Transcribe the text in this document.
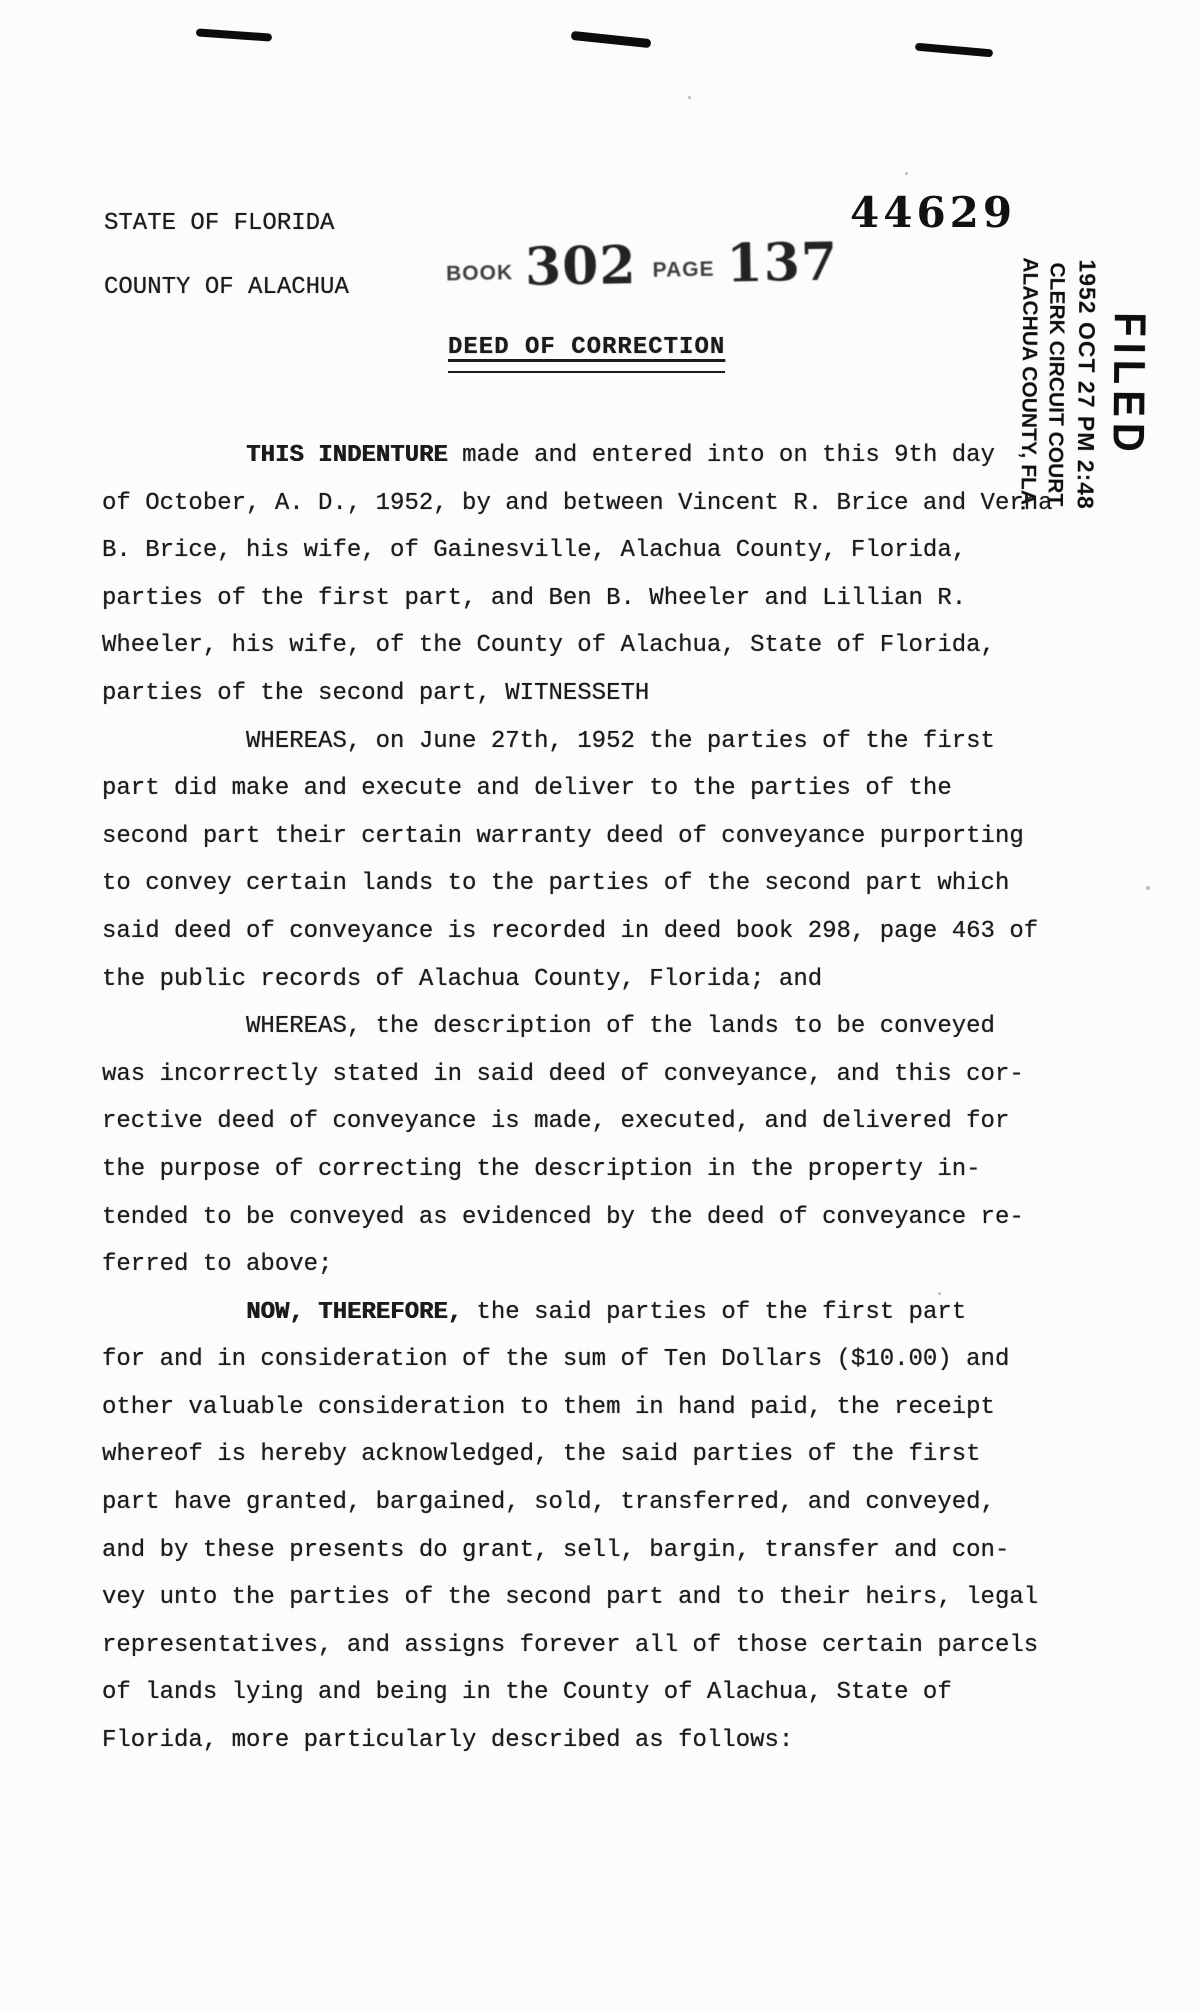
44629
STATE OF FLORIDA
COUNTY OF ALACHUA
BOOK 302 PAGE 137
DEED OF CORRECTION	FILED
1952 OCT 27 PM 2:48
CLERK CIRCUIT COURT
ALACHUA COUNTY, FLA.
THIS INDENTURE made and entered into on this 9th day
of October, A. D., 1952, by and between Vincent R. Brice and Verna
B. Brice, his wife, of Gainesville, Alachua County, Florida,
parties of the first part, and Ben B. Wheeler and Lillian R.
Wheeler, his wife, of the County of Alachua, State of Florida,
parties of the second part, WITNESSETH
WHEREAS, on June 27th, 1952 the parties of the first
part did make and execute and deliver to the parties of the
second part their certain warranty deed of conveyance purporting
to convey certain lands to the parties of the second part which
said deed of conveyance is recorded in deed book 298, page 463 of
the public records of Alachua County, Florida; and
WHEREAS, the description of the lands to be conveyed
was incorrectly stated in said deed of conveyance, and this cor-
rective deed of conveyance is made, executed, and delivered for
the purpose of correcting the description in the property in-
tended to be conveyed as evidenced by the deed of conveyance re-
ferred to above;
NOW, THEREFORE, the said parties of the first part
for and in consideration of the sum of Ten Dollars ($10.00) and
other valuable consideration to them in hand paid, the receipt
whereof is hereby acknowledged, the said parties of the first
part have granted, bargained, sold, transferred, and conveyed,
and by these presents do grant, sell, bargin, transfer and con-
vey unto the parties of the second part and to their heirs, legal
representatives, and assigns forever all of those certain parcels
of lands lying and being in the County of Alachua, State of
Florida, more particularly described as follows:
